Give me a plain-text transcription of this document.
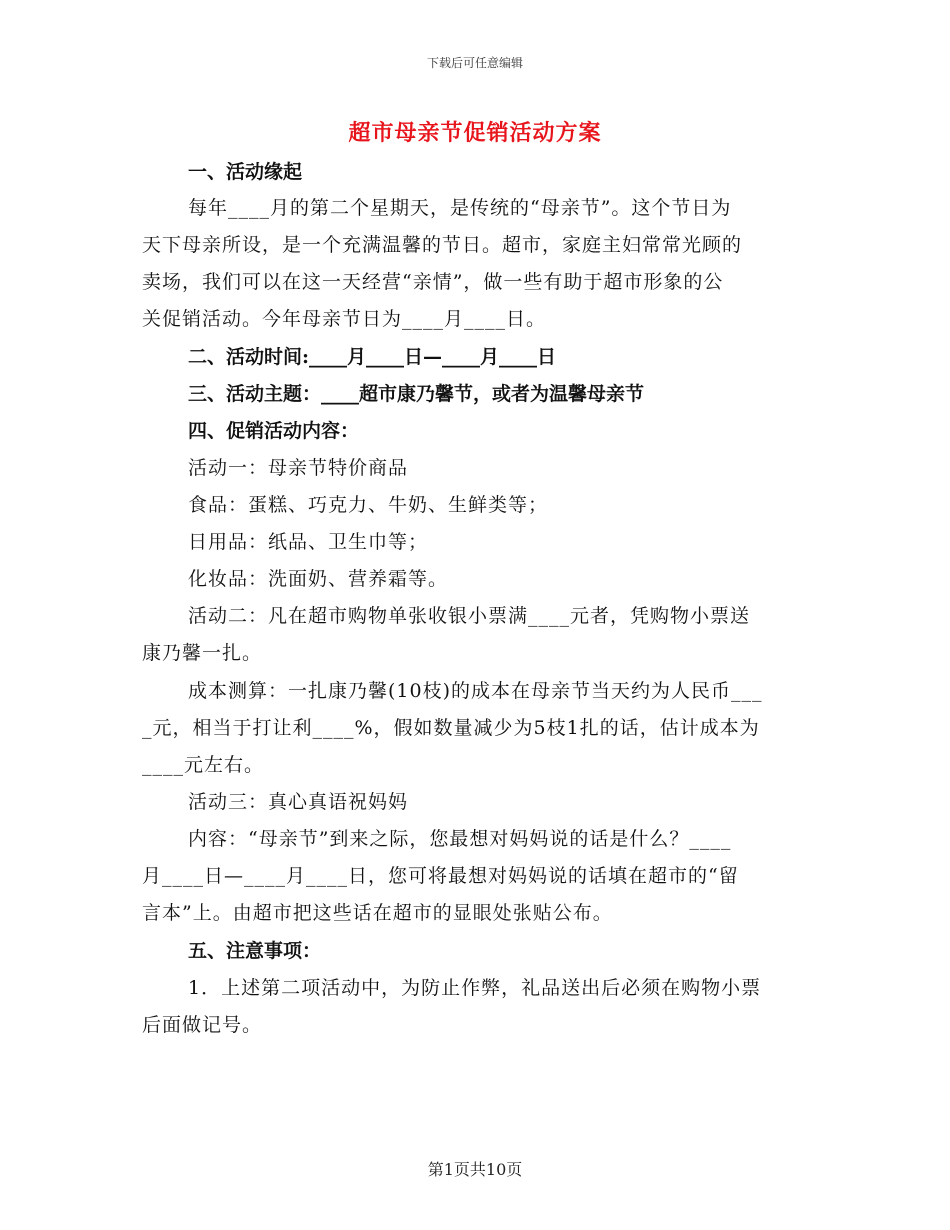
下载后可任意编辑
超市母亲节促销活动方案
一、活动缘起
每年____月的第二个星期天，是传统的“母亲节”。这个节日为
天下母亲所设，是一个充满温馨的节日。超市，家庭主妇常常光顾的
卖场，我们可以在这一天经营“亲情”，做一些有助于超市形象的公
关促销活动。今年母亲节日为____月____日。
二、活动时间:____月____日—____月____日
三、活动主题：____超市康乃馨节，或者为温馨母亲节
四、促销活动内容：
活动一：母亲节特价商品
食品：蛋糕、巧克力、牛奶、生鲜类等；
日用品：纸品、卫生巾等；
化妆品：洗面奶、营养霜等。
活动二：凡在超市购物单张收银小票满____元者，凭购物小票送
康乃馨一扎。
成本测算：一扎康乃馨(10枝)的成本在母亲节当天约为人民币___
_元，相当于打让利____%，假如数量减少为5枝1扎的话，估计成本为
____元左右。
活动三：真心真语祝妈妈
内容：“母亲节”到来之际，您最想对妈妈说的话是什么？____
月____日—____月____日，您可将最想对妈妈说的话填在超市的“留
言本”上。由超市把这些话在超市的显眼处张贴公布。
五、注意事项：
1．上述第二项活动中，为防止作弊，礼品送出后必须在购物小票
后面做记号。
第1页共10页
